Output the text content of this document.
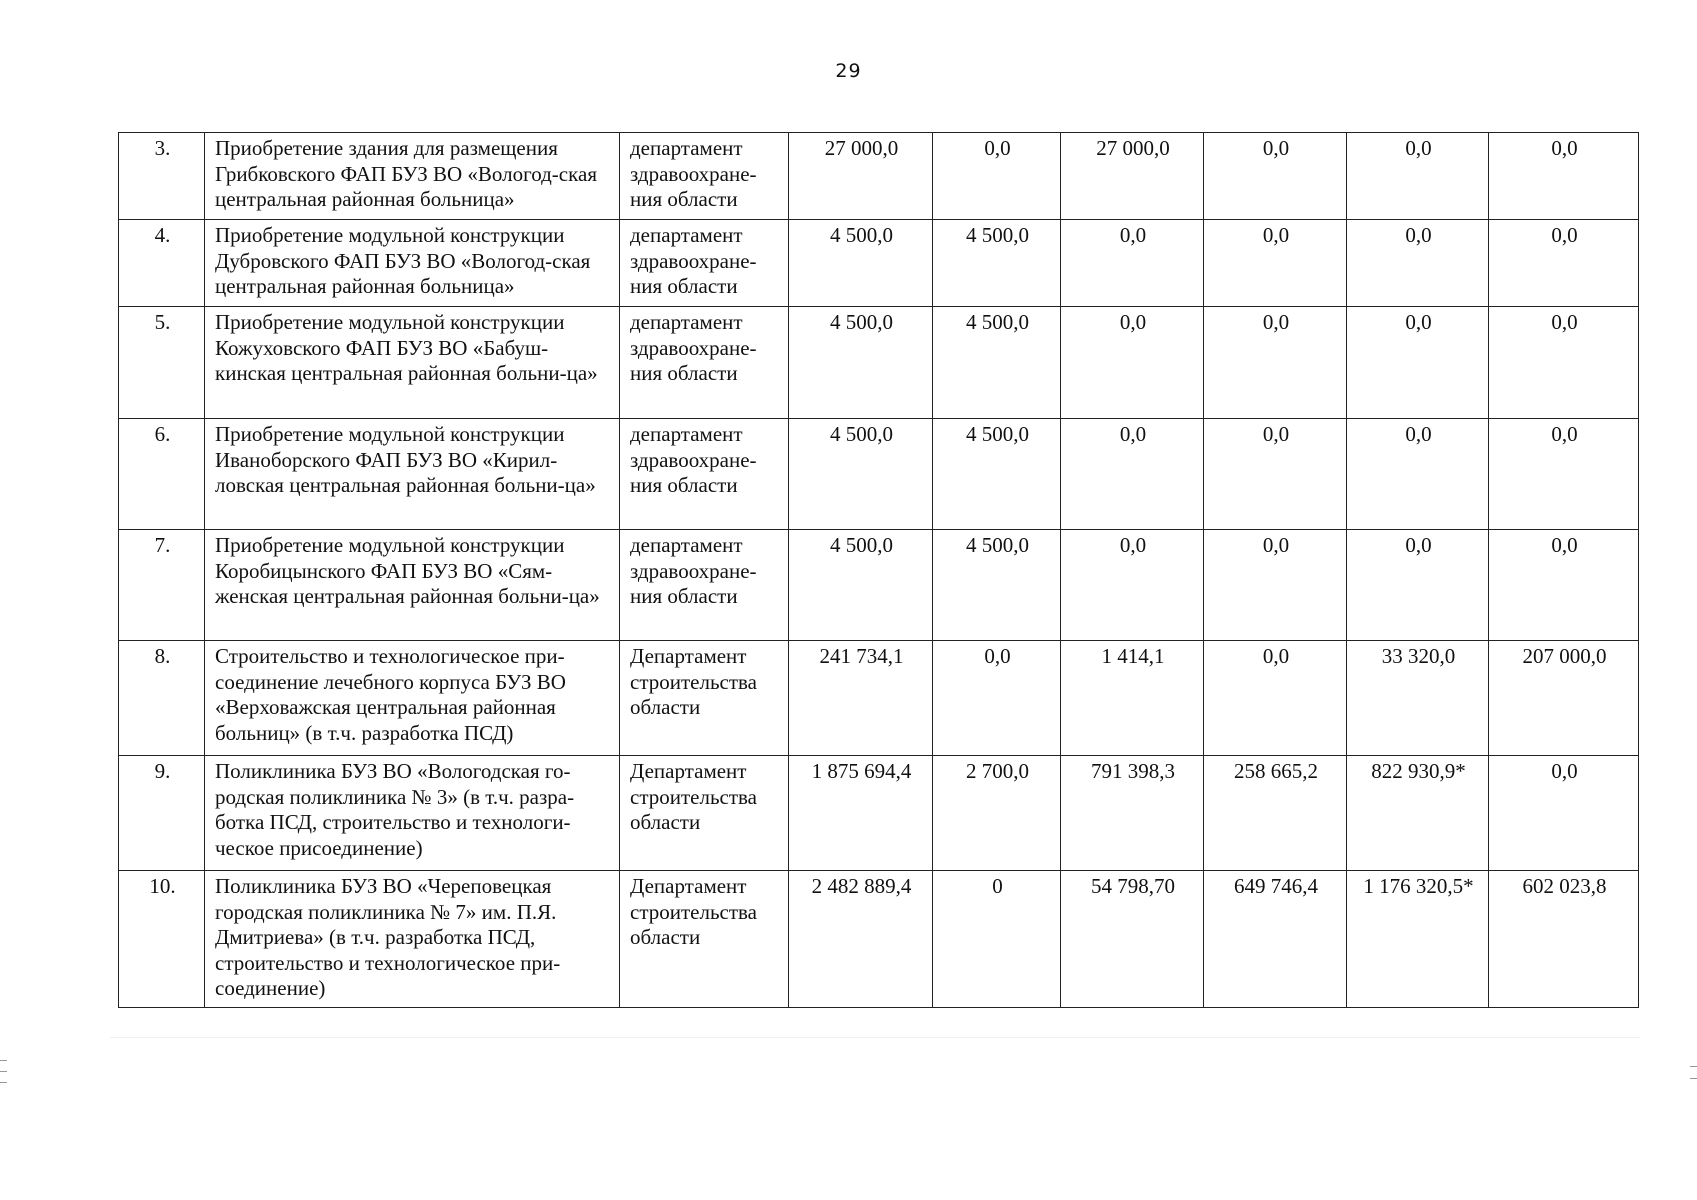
29
3.	Приобретение здания для размещения Грибковского ФАП БУЗ ВО «Вологод-ская центральная районная больница»	департамент здравоохране-ния области	27 000,0	0,0	27 000,0	0,0	0,0	0,0
4.	Приобретение модульной конструкции Дубровского ФАП БУЗ ВО «Вологод-ская центральная районная больница»	департамент здравоохране-ния области	4 500,0	4 500,0	0,0	0,0	0,0	0,0
5.	Приобретение модульной конструкции Кожуховского ФАП БУЗ ВО «Бабуш-кинская центральная районная больни-ца»	департамент здравоохране-ния области	4 500,0	4 500,0	0,0	0,0	0,0	0,0
6.	Приобретение модульной конструкции Иваноборского ФАП БУЗ ВО «Кирил-ловская центральная районная больни-ца»	департамент здравоохране-ния области	4 500,0	4 500,0	0,0	0,0	0,0	0,0
7.	Приобретение модульной конструкции Коробицынского ФАП БУЗ ВО «Сям-женская центральная районная больни-ца»	департамент здравоохране-ния области	4 500,0	4 500,0	0,0	0,0	0,0	0,0
8.	Строительство и технологическое при-соединение лечебного корпуса БУЗ ВО «Верховажская центральная районная больниц» (в т.ч. разработка ПСД)	Департамент строительства области	241 734,1	0,0	1 414,1	0,0	33 320,0	207 000,0
9.	Поликлиника БУЗ ВО «Вологодская го-родская поликлиника № 3» (в т.ч. разра-ботка ПСД, строительство и технологи-ческое присоединение)	Департамент строительства области	1 875 694,4	2 700,0	791 398,3	258 665,2	822 930,9*	0,0
10.	Поликлиника БУЗ ВО «Череповецкая городская поликлиника № 7» им. П.Я. Дмитриева» (в т.ч. разработка ПСД, строительство и технологическое при-соединение)	Департамент строительства области	2 482 889,4	0	54 798,70	649 746,4	1 176 320,5*	602 023,8
